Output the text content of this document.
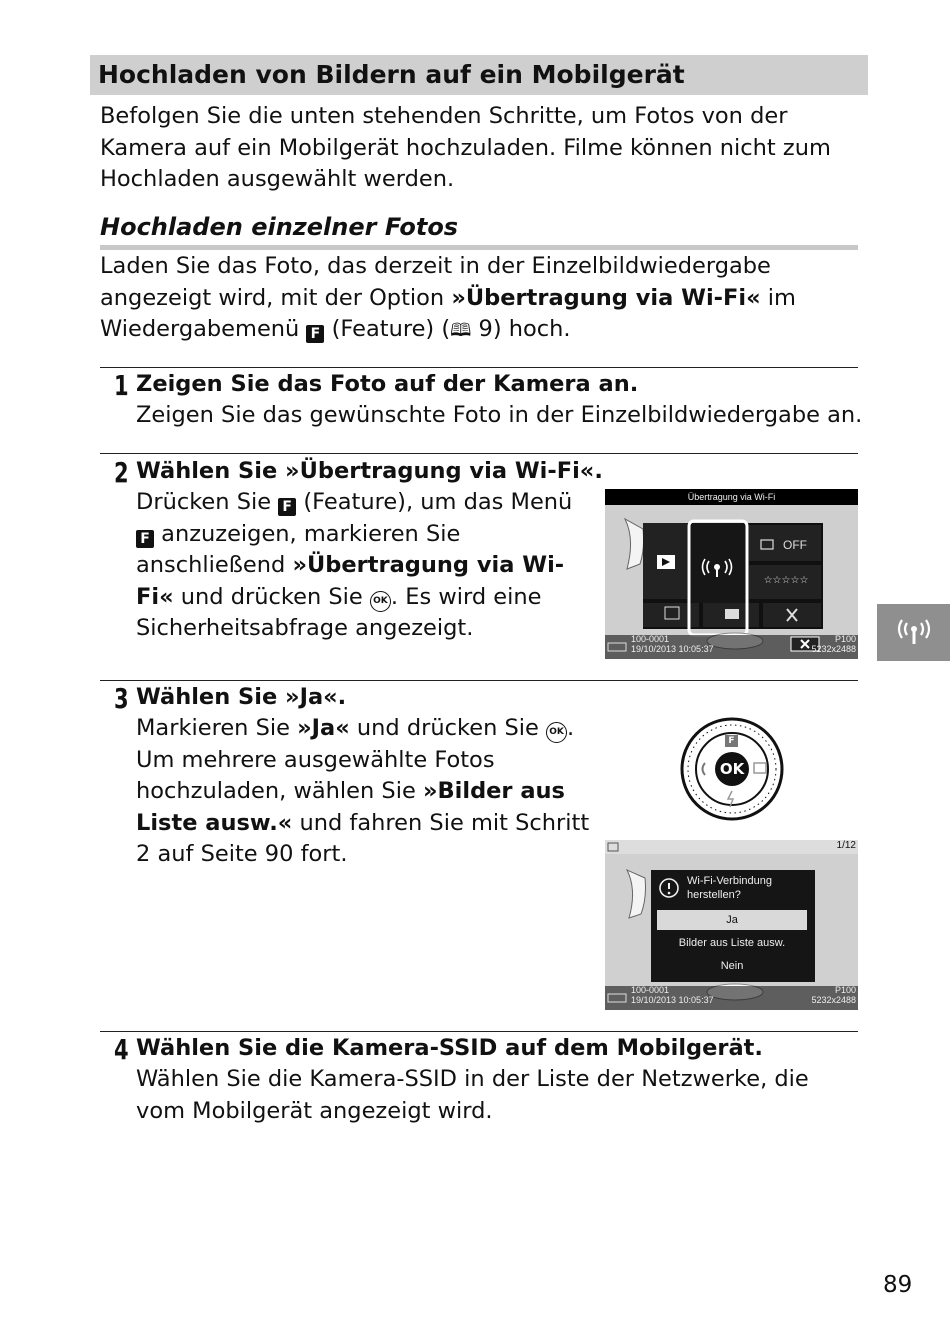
Hochladen von Bildern auf ein Mobilgerät

Befolgen Sie die unten stehenden Schritte, um Fotos von der Kamera auf ein Mobilgerät hochzuladen. Filme können nicht zum Hochladen ausgewählt werden.

Hochladen einzelner Fotos

Laden Sie das Foto, das derzeit in der Einzelbildwiedergabe angezeigt wird, mit der Option »Übertragung via Wi-Fi« im Wiedergabemenü F (Feature) (🕮 9) hoch.

1 Zeigen Sie das Foto auf der Kamera an.
Zeigen Sie das gewünschte Foto in der Einzelbildwiedergabe an.
2 Wählen Sie »Übertragung via Wi-Fi«.
Drücken Sie F (Feature), um das Menü F anzuzeigen, markieren Sie anschließend »Übertragung via Wi-Fi« und drücken Sie OK . Es wird eine Sicherheitsabfrage angezeigt.
Übertragung via Wi-Fi
OFF
☆☆☆☆☆
100-0001
19/10/2013 10:05:37
P100
5232x2488
3 Wählen Sie »Ja«.
Markieren Sie »Ja« und drücken Sie OK . Um mehrere ausgewählte Fotos hochzuladen, wählen Sie »Bilder aus Liste ausw.« und fahren Sie mit Schritt 2 auf Seite 90 fort.
OK
F
1/12
Wi-Fi-Verbindung
herstellen?
Ja
Bilder aus Liste ausw.
Nein
100-0001
19/10/2013 10:05:37
P100
5232x2488
4 Wählen Sie die Kamera-SSID auf dem Mobilgerät.
Wählen Sie die Kamera-SSID in der Liste der Netzwerke, die vom Mobilgerät angezeigt wird.
89
